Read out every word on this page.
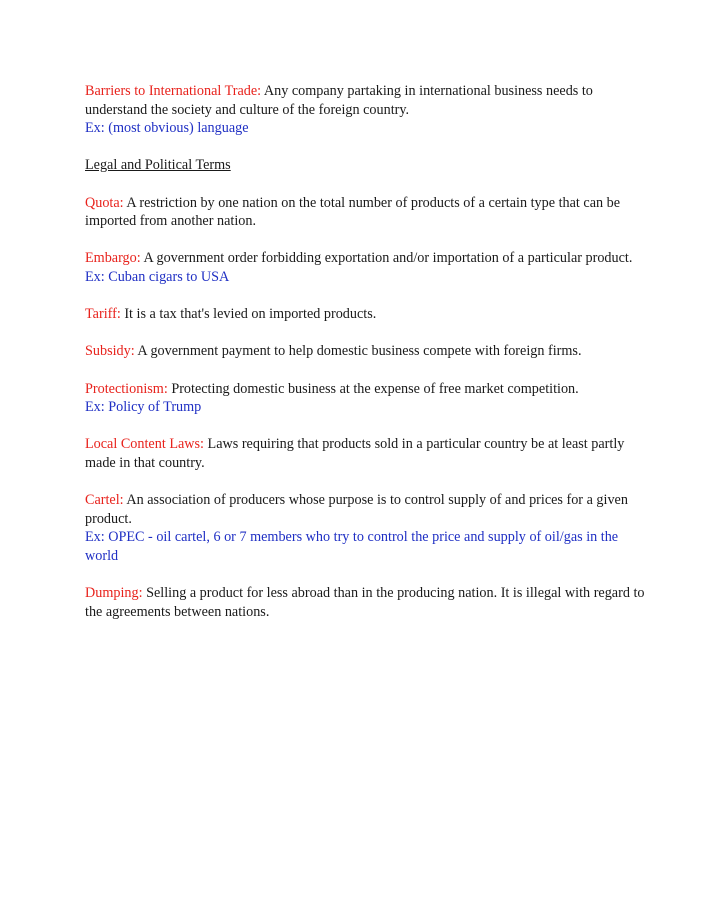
Barriers to International Trade: Any company partaking in international business needs to understand the society and culture of the foreign country.
Ex: (most obvious) language

Legal and Political Terms

Quota: A restriction by one nation on the total number of products of a certain type that can be imported from another nation.

Embargo: A government order forbidding exportation and/or importation of a particular product.
Ex: Cuban cigars to USA

Tariff: It is a tax that's levied on imported products.

Subsidy: A government payment to help domestic business compete with foreign firms.

Protectionism: Protecting domestic business at the expense of free market competition.
Ex: Policy of Trump

Local Content Laws: Laws requiring that products sold in a particular country be at least partly made in that country.

Cartel: An association of producers whose purpose is to control supply of and prices for a given product.
Ex: OPEC - oil cartel, 6 or 7 members who try to control the price and supply of oil/gas in the world

Dumping: Selling a product for less abroad than in the producing nation. It is illegal with regard to the agreements between nations.
